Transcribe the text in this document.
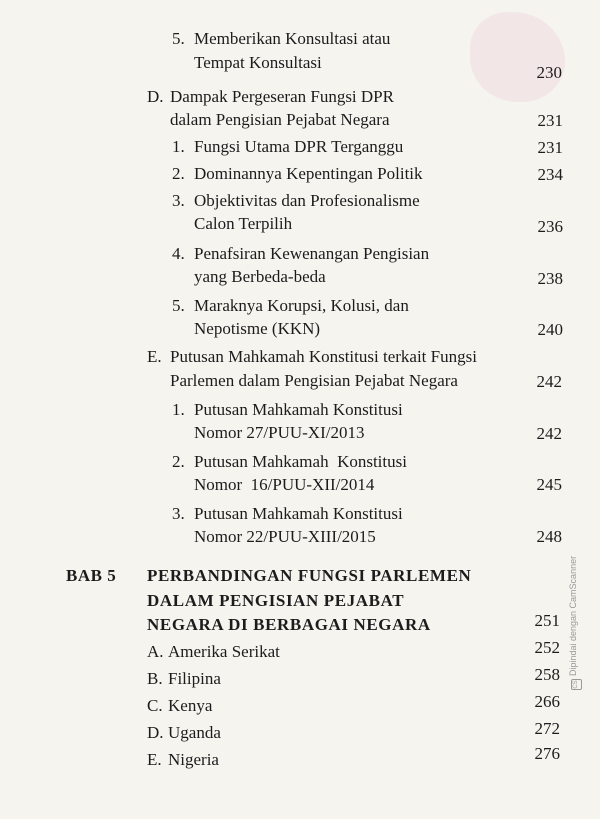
5. Memberikan Konsultasi atau
Tempat Konsultasi
230
D. Dampak Pergeseran Fungsi DPR
dalam Pengisian Pejabat Negara	231
1. Fungsi Utama DPR Terganggu	231
2. Dominannya Kepentingan Politik	234
3. Objektivitas dan Profesionalisme
Calon Terpilih	236
4. Penafsiran Kewenangan Pengisian
yang Berbeda-beda	238
5. Maraknya Korupsi, Kolusi, dan
Nepotisme (KKN)	240
E. Putusan Mahkamah Konstitusi terkait Fungsi
Parlemen dalam Pengisian Pejabat Negara	242
1. Putusan Mahkamah Konstitusi
Nomor 27/PUU-XI/2013	242
2. Putusan Mahkamah  Konstitusi
Nomor  16/PUU-XII/2014	245
3. Putusan Mahkamah Konstitusi
Nomor 22/PUU-XIII/2015	248
BAB 5 PERBANDINGAN FUNGSI PARLEMEN
DALAM PENGISIAN PEJABAT
NEGARA DI BERBAGAI NEGARA	251
A. Amerika Serikat	252
B. Filipina	258
C. Kenya	266
D. Uganda	272
E. Nigeria	276
CSDipindai dengan CamScanner
